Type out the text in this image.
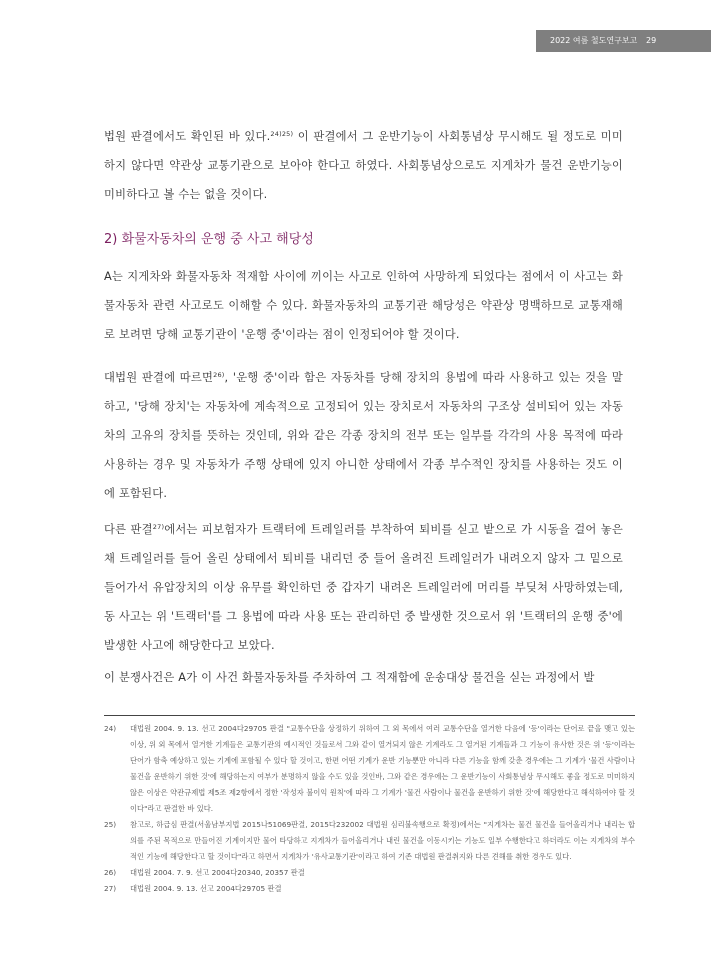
2022 여름 철도연구보고 29

법원 판결에서도 확인된 바 있다.$^{24)25)}$ 이 판결에서 그 운반기능이 사회통념상 무시해도 될 정도로 미미하지 않다면 약관상 교통기관으로 보아야 한다고 하였다. 사회통념상으로도 지게차가 물건 운반기능이 미비하다고 볼 수는 없을 것이다.

2) 화물자동차의 운행 중 사고 해당성

A는 지게차와 화물자동차 적재함 사이에 끼이는 사고로 인하여 사망하게 되었다는 점에서 이 사고는 화물자동차 관련 사고로도 이해할 수 있다. 화물자동차의 교통기관 해당성은 약관상 명백하므로 교통재해로 보려면 당해 교통기관이 '운행 중'이라는 점이 인정되어야 할 것이다.

대법원 판결에 따르면$^{26)}$, '운행 중'이라 함은 자동차를 당해 장치의 용법에 따라 사용하고 있는 것을 말하고, '당해 장치'는 자동차에 계속적으로 고정되어 있는 장치로서 자동차의 구조상 설비되어 있는 자동차의 고유의 장치를 뜻하는 것인데, 위와 같은 각종 장치의 전부 또는 일부를 각각의 사용 목적에 따라 사용하는 경우 및 자동차가 주행 상태에 있지 아니한 상태에서 각종 부수적인 장치를 사용하는 것도 이에 포함된다.

다른 판결$^{27)}$에서는 피보험자가 트랙터에 트레일러를 부착하여 퇴비를 싣고 밭으로 가 시동을 걸어 놓은 채 트레일러를 들어 올린 상태에서 퇴비를 내리던 중 들어 올려진 트레일러가 내려오지 않자 그 밑으로 들어가서 유압장치의 이상 유무를 확인하던 중 갑자기 내려온 트레일러에 머리를 부딪쳐 사망하였는데, 동 사고는 위 '트랙터'를 그 용법에 따라 사용 또는 관리하던 중 발생한 것으로서 위 '트랙터의 운행 중'에 발생한 사고에 해당한다고 보았다.

이 분쟁사건은 A가 이 사건 화물자동차를 주차하여 그 적재함에 운송대상 물건을 싣는 과정에서 발

24) 대법원 2004. 9. 13. 선고 2004다29705 판결 "교통수단을 상정하기 위하여 그 외 목에서 여러 교통수단을 열거한 다음에 '등'이라는 단어로 끝을 맺고 있는 이상, 위 외 목에서 열거한 기계들은 교통기관의 예시적인 것들로서 그와 같이 열거되지 않은 기계라도 그 열거된 기계들과 그 기능이 유사한 것은 위 '등'이라는 단어가 함축 예상하고 있는 기계에 포함될 수 있다 할 것이고, 한편 어떤 기계가 운반 기능뿐만 아니라 다른 기능을 함께 갖춘 경우에는 그 기계가 '물건 사람이나 물건을 운반하기 위한 것'에 해당하는지 여부가 분명하지 않을 수도 있을 것인바, 그와 같은 경우에는 그 운반기능이 사회통념상 무시해도 좋을 정도로 미미하지 않은 이상은 약관규제법 제5조 제2항에서 정한 '작성자 불이익 원칙'에 따라 그 기계가 '물건 사람이나 물건을 운반하기 위한 것'에 해당한다고 해석하여야 할 것이다"라고 판결한 바 있다.

25) 참고로, 하급심 판결(서울남부지법 2015나51069판결, 2015다232002 대법원 심리불속행으로 확정)에서는 "지게차는 물건 물건을 들어올리거나 내리는 합의를 주된 목적으로 만들어진 기계이지만 물어 타당하고 지게차가 들어올리거나 내린 물건을 이동시키는 기능도 일부 수행한다고 하더라도 이는 지게차의 부수적인 기능에 해당한다고 할 것이다"라고 하면서 지게차가 '유사교통기관'이라고 하여 기존 대법원 판결취지와 다른 견해를 취한 경우도 있다.

26) 대법원 2004. 7. 9. 선고 2004다20340, 20357 판결

27) 대법원 2004. 9. 13. 선고 2004다29705 판결
